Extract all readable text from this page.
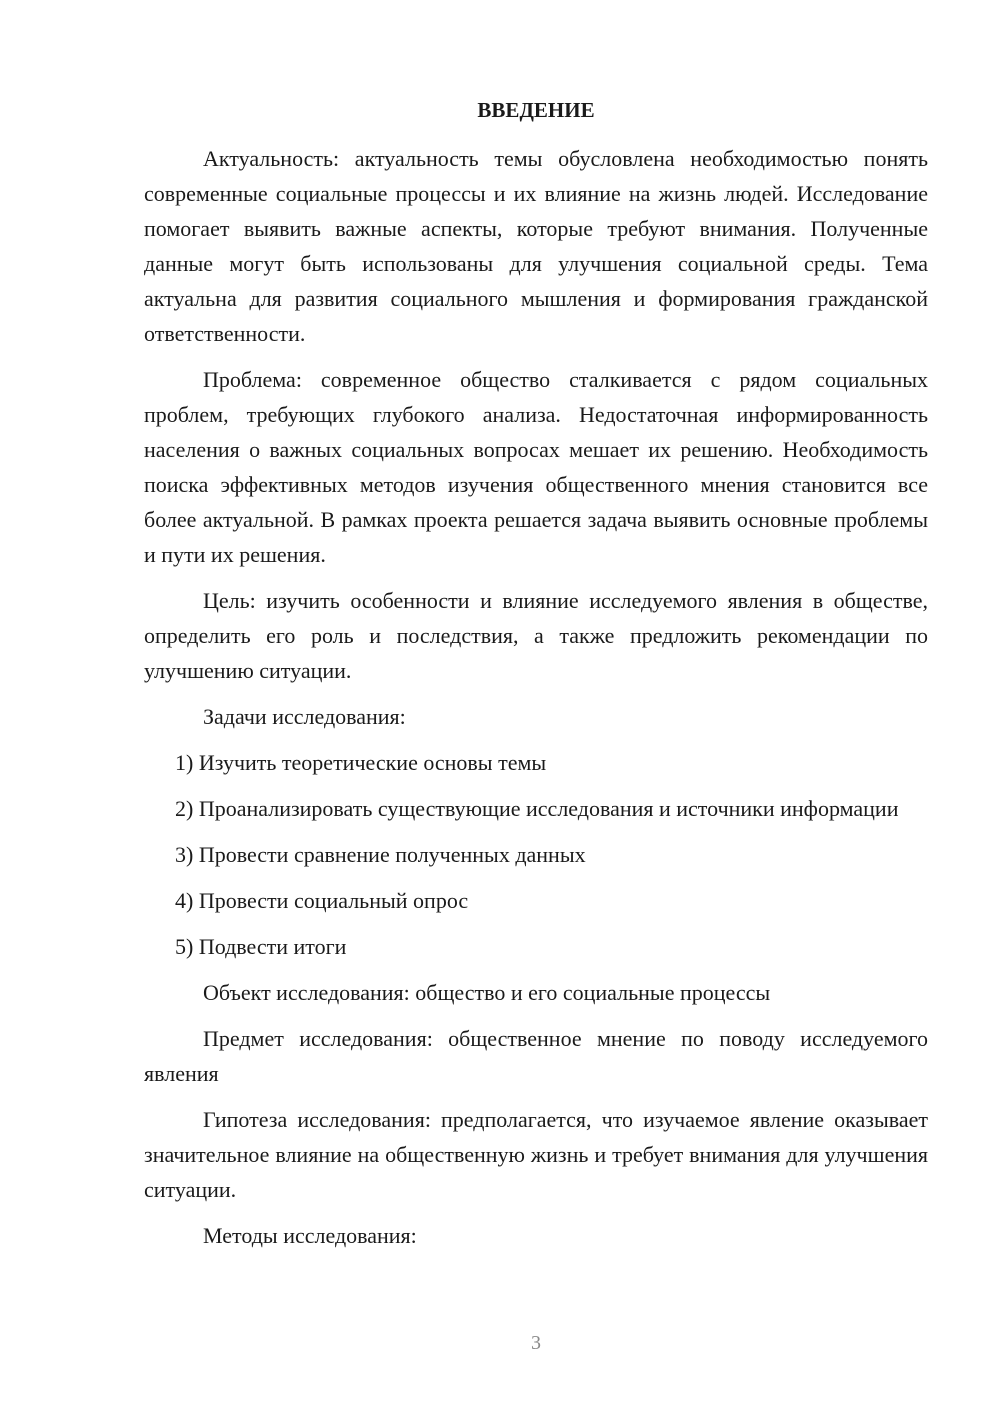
ВВЕДЕНИЕ

Актуальность: актуальность темы обусловлена необходимостью понять современные социальные процессы и их влияние на жизнь людей. Исследование помогает выявить важные аспекты, которые требуют внимания. Полученные данные могут быть использованы для улучшения социальной среды. Тема актуальна для развития социального мышления и формирования гражданской ответственности.

Проблема: современное общество сталкивается с рядом социальных проблем, требующих глубокого анализа. Недостаточная информированность населения о важных социальных вопросах мешает их решению. Необходимость поиска эффективных методов изучения общественного мнения становится все более актуальной. В рамках проекта решается задача выявить основные проблемы и пути их решения.

Цель: изучить особенности и влияние исследуемого явления в обществе, определить его роль и последствия, а также предложить рекомендации по улучшению ситуации.

Задачи исследования:

1) Изучить теоретические основы темы

2) Проанализировать существующие исследования и источники информации

3) Провести сравнение полученных данных

4) Провести социальный опрос

5) Подвести итоги

Объект исследования: общество и его социальные процессы

Предмет исследования: общественное мнение по поводу исследуемого явления

Гипотеза исследования: предполагается, что изучаемое явление оказывает значительное влияние на общественную жизнь и требует внимания для улучшения ситуации.

Методы исследования:

3
